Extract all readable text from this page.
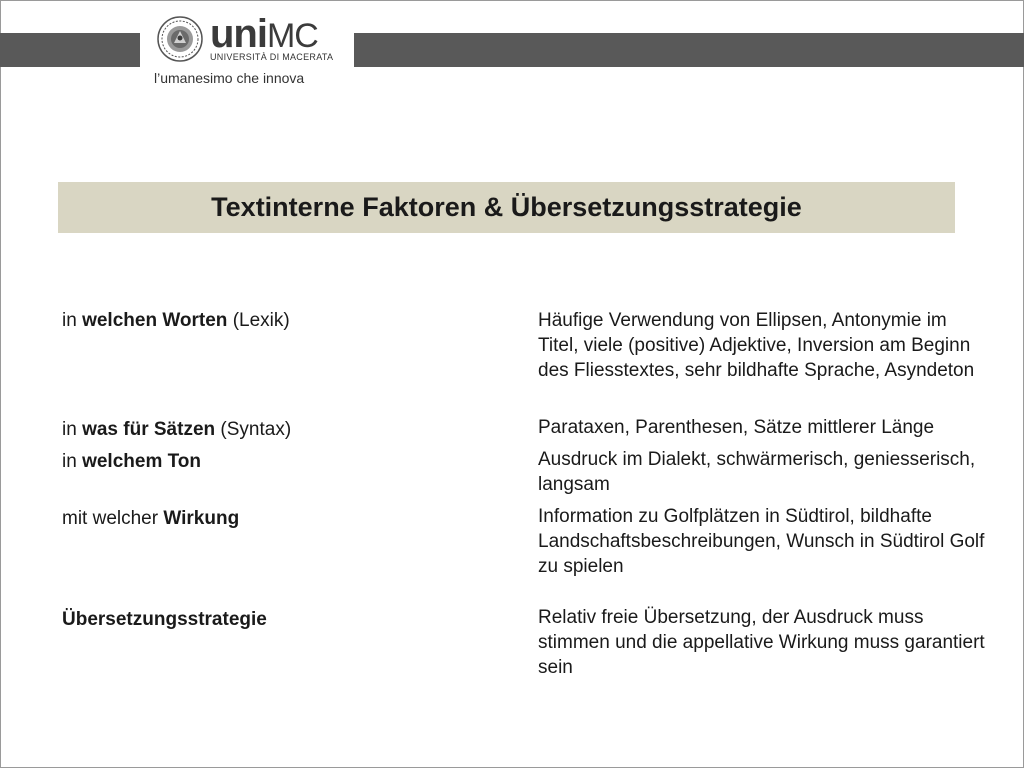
uniMC
UNIVERSITÀ DI MACERATA
l’umanesimo che innova
Textinterne Faktoren & Übersetzungsstrategie
in welchen Worten (Lexik)	Häufige Verwendung von Ellipsen, Antonymie im Titel, viele (positive) Adjektive, Inversion am Beginn des Fliesstextes, sehr bildhafte Sprache, Asyndeton
in was für Sätzen (Syntax)	Parataxen, Parenthesen, Sätze mittlerer Länge
in welchem Ton	Ausdruck im Dialekt, schwärmerisch, geniesserisch, langsam
mit welcher Wirkung	Information zu Golfplätzen in Südtirol, bildhafte Landschaftsbeschreibungen, Wunsch in Südtirol Golf zu spielen
Übersetzungsstrategie	Relativ freie Übersetzung, der Ausdruck muss stimmen und die appellative Wirkung muss garantiert sein
